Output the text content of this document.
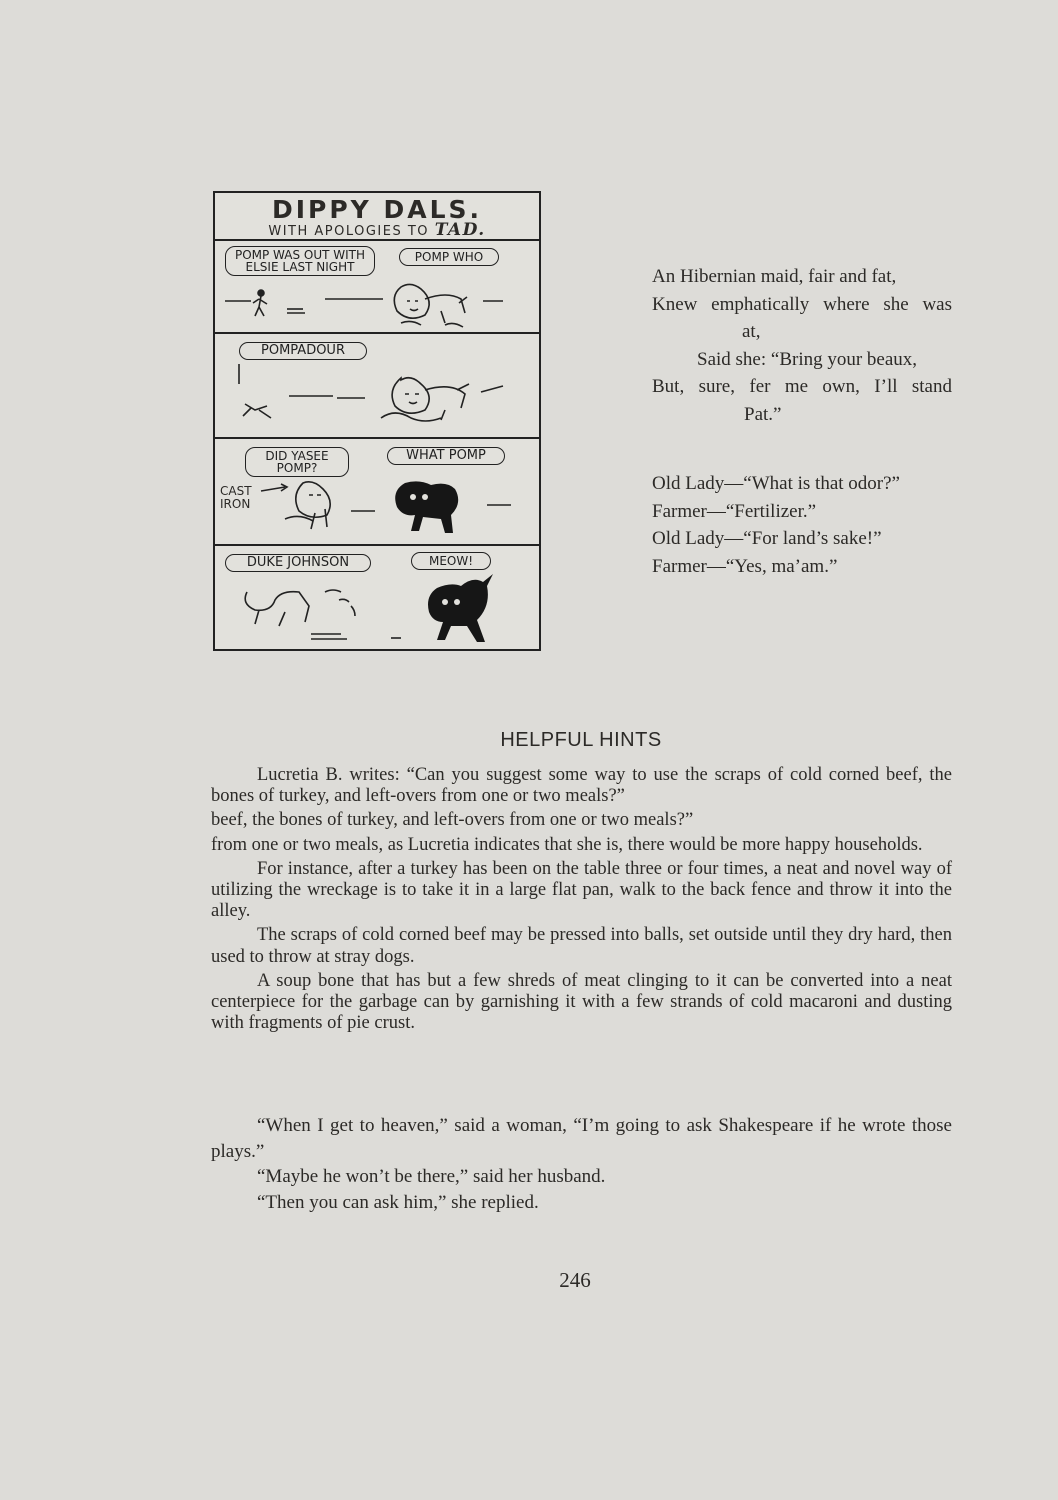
DIPPY DALS.
WITH APOLOGIES TO TAD.
POMP WAS OUT WITH ELSIE LAST NIGHT
POMP WHO
POMPADOUR
DID YASEE POMP?
WHAT POMP
CAST IRON
DUKE JOHNSON	MEOW!
An Hibernian maid, fair and fat,
Knew emphatically where she was
at,
Said she: “Bring your beaux,
But, sure, fer me own, I’ll stand
Pat.”
Old Lady—“What is that odor?”
Farmer—“Fertilizer.”
Old Lady—“For land’s sake!”
Farmer—“Yes, ma’am.”
HELPFUL HINTS

Lucretia B. writes: “Can you suggest some way to use the scraps of cold corned beef, the bones of turkey, and left-overs from one or two meals?”

beef, the bones of turkey, and left-overs from one or two meals?”

from one or two meals, as Lucretia indicates that she is, there would be more happy households.

For instance, after a turkey has been on the table three or four times, a neat and novel way of utilizing the wreckage is to take it in a large flat pan, walk to the back fence and throw it into the alley.

The scraps of cold corned beef may be pressed into balls, set outside until they dry hard, then used to throw at stray dogs.

A soup bone that has but a few shreds of meat clinging to it can be converted into a neat centerpiece for the garbage can by garnishing it with a few strands of cold macaroni and dusting with fragments of pie crust.

“When I get to heaven,” said a woman, “I’m going to ask Shakespeare if he wrote those plays.”

“Maybe he won’t be there,” said her husband.

“Then you can ask him,” she replied.

246
